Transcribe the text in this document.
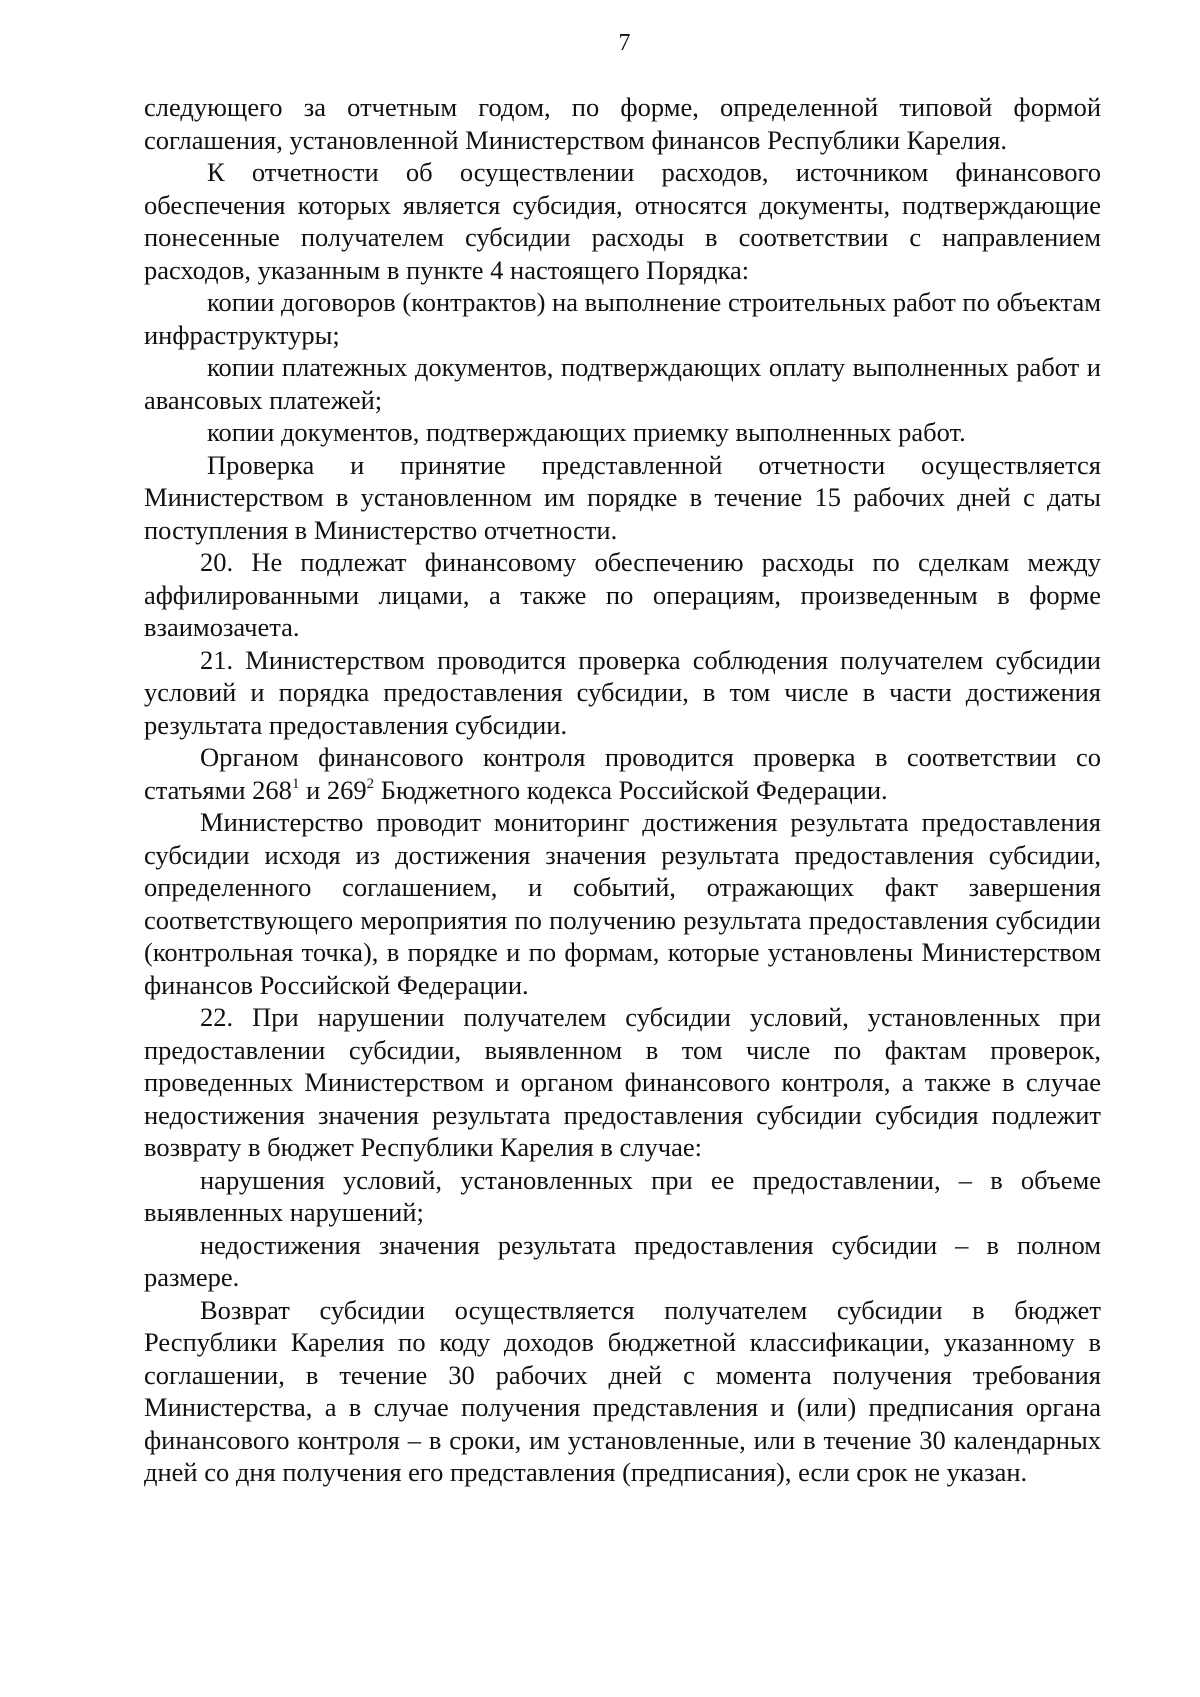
7

следующего за отчетным годом, по форме, определенной типовой формой соглашения, установленной Министерством финансов Республики Карелия.

К отчетности об осуществлении расходов, источником финансового обеспечения которых является субсидия, относятся документы, подтверждающие понесенные получателем субсидии расходы в соответствии с направлением расходов, указанным в пункте 4 настоящего Порядка:

копии договоров (контрактов) на выполнение строительных работ по объектам инфраструктуры;

копии платежных документов, подтверждающих оплату выполненных работ и авансовых платежей;

копии документов, подтверждающих приемку выполненных работ.

Проверка и принятие представленной отчетности осуществляется Министерством в установленном им порядке в течение 15 рабочих дней с даты поступления в Министерство отчетности.

20. Не подлежат финансовому обеспечению расходы по сделкам между аффилированными лицами, а также по операциям, произведенным в форме взаимозачета.

21. Министерством проводится проверка соблюдения получателем субсидии условий и порядка предоставления субсидии, в том числе в части достижения результата предоставления субсидии.

Органом финансового контроля проводится проверка в соответствии со статьями $268^1$ и $269^2$ Бюджетного кодекса Российской Федерации.

Министерство проводит мониторинг достижения результата предоставления субсидии исходя из достижения значения результата предоставления субсидии, определенного соглашением, и событий, отражающих факт завершения соответствующего мероприятия по получению результата предоставления субсидии (контрольная точка), в порядке и по формам, которые установлены Министерством финансов Российской Федерации.

22. При нарушении получателем субсидии условий, установленных при предоставлении субсидии, выявленном в том числе по фактам проверок, проведенных Министерством и органом финансового контроля, а также в случае недостижения значения результата предоставления субсидии субсидия подлежит возврату в бюджет Республики Карелия в случае:

нарушения условий, установленных при ее предоставлении, – в объеме выявленных нарушений;

недостижения значения результата предоставления субсидии – в полном размере.

Возврат субсидии осуществляется получателем субсидии в бюджет Республики Карелия по коду доходов бюджетной классификации, указанному в соглашении, в течение 30 рабочих дней с момента получения требования Министерства, а в случае получения представления и (или) предписания органа финансового контроля – в сроки, им установленные, или в течение 30 календарных дней со дня получения его представления (предписания), если срок не указан.
